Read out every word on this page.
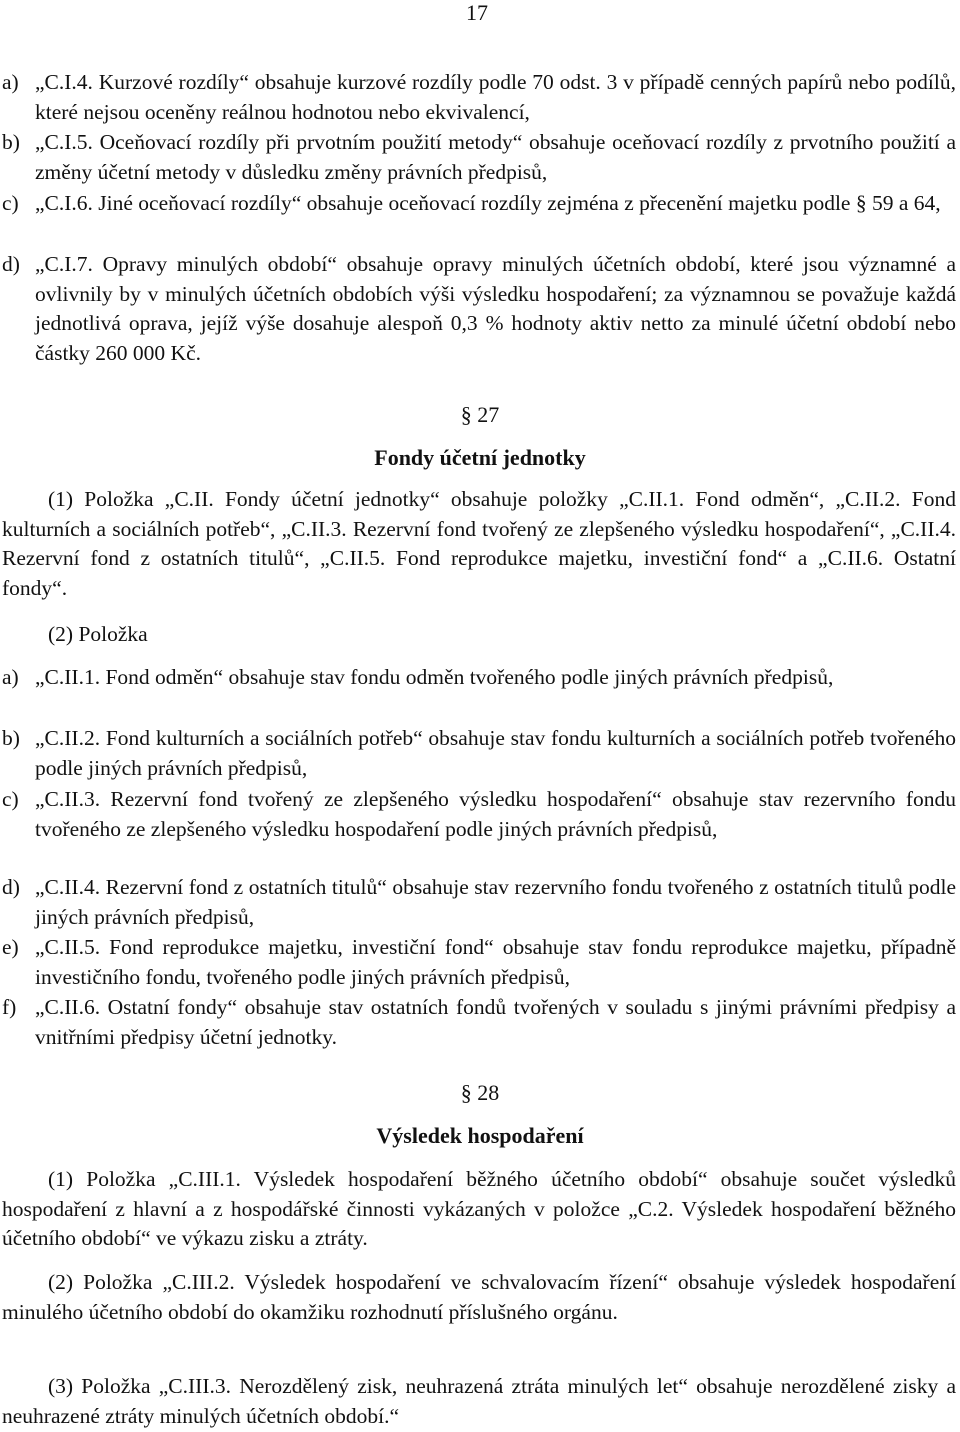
17
a) „C.I.4. Kurzové rozdíly“ obsahuje kurzové rozdíly podle 70 odst. 3 v případě cenných papírů nebo podílů, které nejsou oceněny reálnou hodnotou nebo ekvivalencí,
b) „C.I.5. Oceňovací rozdíly při prvotním použití metody“ obsahuje oceňovací rozdíly z prvotního použití a změny účetní metody v důsledku změny právních předpisů,
c) „C.I.6. Jiné oceňovací rozdíly“ obsahuje oceňovací rozdíly zejména z přecenění majetku podle § 59 a 64,
d) „C.I.7. Opravy minulých období“ obsahuje opravy minulých účetních období, které jsou významné a ovlivnily by v minulých účetních obdobích výši výsledku hospodaření; za významnou se považuje každá jednotlivá oprava, jejíž výše dosahuje alespoň 0,3 % hodnoty aktiv netto za minulé účetní období nebo částky 260 000 Kč.
§ 27
Fondy účetní jednotky
(1) Položka „C.II. Fondy účetní jednotky“ obsahuje položky „C.II.1. Fond odměn“, „C.II.2. Fond kulturních a sociálních potřeb“, „C.II.3. Rezervní fond tvořený ze zlepšeného výsledku hospodaření“, „C.II.4. Rezervní fond z ostatních titulů“, „C.II.5. Fond reprodukce majetku, investiční fond“ a „C.II.6. Ostatní fondy“.
(2) Položka
a) „C.II.1. Fond odměn“ obsahuje stav fondu odměn tvořeného podle jiných právních předpisů,
b) „C.II.2. Fond kulturních a sociálních potřeb“ obsahuje stav fondu kulturních a sociálních potřeb tvořeného podle jiných právních předpisů,
c) „C.II.3. Rezervní fond tvořený ze zlepšeného výsledku hospodaření“ obsahuje stav rezervního fondu tvořeného ze zlepšeného výsledku hospodaření podle jiných právních předpisů,
d) „C.II.4. Rezervní fond z ostatních titulů“ obsahuje stav rezervního fondu tvořeného z ostatních titulů podle jiných právních předpisů,
e) „C.II.5. Fond reprodukce majetku, investiční fond“ obsahuje stav fondu reprodukce majetku, případně investičního fondu, tvořeného podle jiných právních předpisů,
f) „C.II.6. Ostatní fondy“ obsahuje stav ostatních fondů tvořených v souladu s jinými právními předpisy a vnitřními předpisy účetní jednotky.
§ 28
Výsledek hospodaření
(1) Položka „C.III.1. Výsledek hospodaření běžného účetního období“ obsahuje součet výsledků hospodaření z hlavní a z hospodářské činnosti vykázaných v položce „C.2. Výsledek hospodaření běžného účetního období“ ve výkazu zisku a ztráty.
(2) Položka „C.III.2. Výsledek hospodaření ve schvalovacím řízení“ obsahuje výsledek hospodaření minulého účetního období do okamžiku rozhodnutí příslušného orgánu.
(3) Položka „C.III.3. Nerozdělený zisk, neuhrazená ztráta minulých let“ obsahuje nerozdělené zisky a neuhrazené ztráty minulých účetních období.“
